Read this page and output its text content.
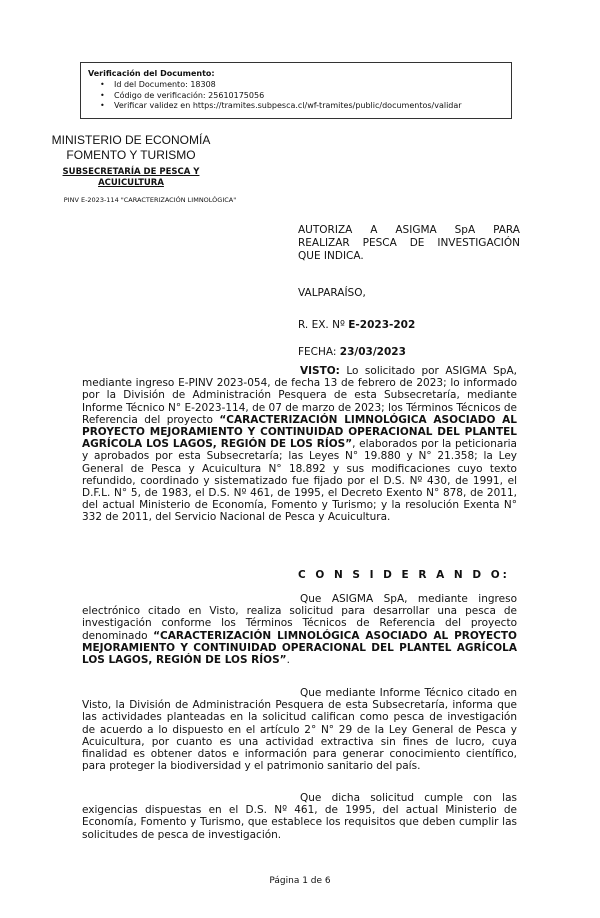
Verificación del Documento:

• Id del Documento: 18308
• Código de verificación: 25610175056
• Verificar validez en https://tramites.subpesca.cl/wf-tramites/public/documentos/validar
MINISTERIO DE ECONOMÍA
FOMENTO Y TURISMO
SUBSECRETARÍA DE PESCA Y ACUICULTURA
PINV E-2023-114 "CARACTERIZACIÓN LIMNOLÓGICA"
AUTORIZA A ASIGMA SpA PARA
REALIZAR PESCA DE INVESTIGACIÓN
QUE INDICA.
VALPARAÍSO,
R. EX. Nº E-2023-202
FECHA: 23/03/2023

VISTO: Lo solicitado por ASIGMA SpA, mediante ingreso E-PINV 2023-054, de fecha 13 de febrero de 2023; lo informado por la División de Administración Pesquera de esta Subsecretaría, mediante Informe Técnico N° E-2023-114, de 07 de marzo de 2023; los Términos Técnicos de Referencia del proyecto “CARACTERIZACIÓN LIMNOLÓGICA ASOCIADO AL PROYECTO MEJORAMIENTO Y CONTINUIDAD OPERACIONAL DEL PLANTEL AGRÍCOLA LOS LAGOS, REGIÓN DE LOS RÍOS”, elaborados por la peticionaria y aprobados por esta Subsecretaría; las Leyes N° 19.880 y N° 21.358; la Ley General de Pesca y Acuicultura N° 18.892 y sus modificaciones cuyo texto refundido, coordinado y sistematizado fue fijado por el D.S. Nº 430, de 1991, el D.F.L. N° 5, de 1983, el D.S. Nº 461, de 1995, el Decreto Exento N° 878, de 2011, del actual Ministerio de Economía, Fomento y Turismo; y la resolución Exenta N° 332 de 2011, del Servicio Nacional de Pesca y Acuicultura.

C O N S I D E R A N D O:

Que ASIGMA SpA, mediante ingreso electrónico citado en Visto, realiza solicitud para desarrollar una pesca de investigación conforme los Términos Técnicos de Referencia del proyecto denominado “CARACTERIZACIÓN LIMNOLÓGICA ASOCIADO AL PROYECTO MEJORAMIENTO Y CONTINUIDAD OPERACIONAL DEL PLANTEL AGRÍCOLA LOS LAGOS, REGIÓN DE LOS RÍOS”.

Que mediante Informe Técnico citado en Visto, la División de Administración Pesquera de esta Subsecretaría, informa que las actividades planteadas en la solicitud califican como pesca de investigación de acuerdo a lo dispuesto en el artículo 2° N° 29 de la Ley General de Pesca y Acuicultura, por cuanto es una actividad extractiva sin fines de lucro, cuya finalidad es obtener datos e información para generar conocimiento científico, para proteger la biodiversidad y el patrimonio sanitario del país.

Que dicha solicitud cumple con las exigencias dispuestas en el D.S. Nº 461, de 1995, del actual Ministerio de Economía, Fomento y Turismo, que establece los requisitos que deben cumplir las solicitudes de pesca de investigación.

Página 1 de 6
